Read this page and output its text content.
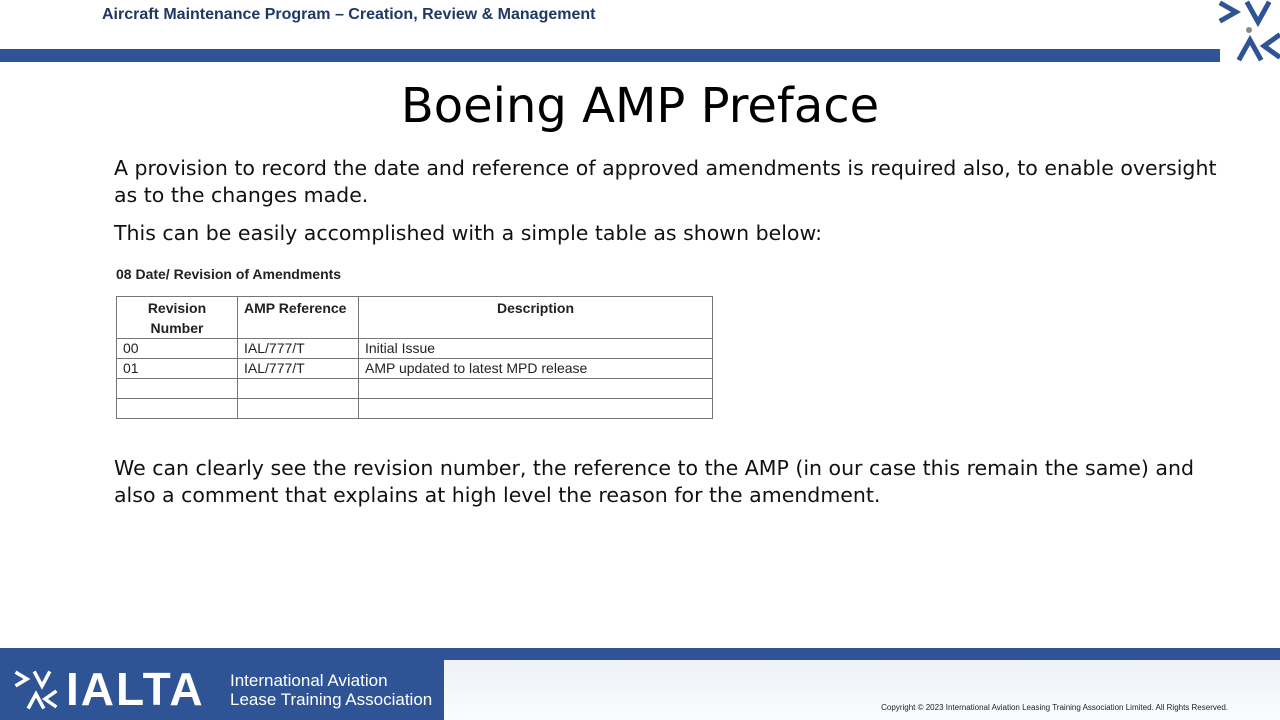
Aircraft Maintenance Program – Creation, Review & Management
Boeing AMP Preface
A provision to record the date and reference of approved amendments is required also, to enable oversight as to the changes made.
This can be easily accomplished with a simple table as shown below:
08 Date/ Revision of Amendments
Revision Number	AMP Reference	Description
00	IAL/777/T	Initial Issue
01	IAL/777/T	AMP updated to latest MPD release

We can clearly see the revision number, the reference to the AMP (in our case this remain the same) and also a comment that explains at high level the reason for the amendment.
IALTA International Aviation
Lease Training Association	Copyright © 2023 International Aviation Leasing Training Association Limited. All Rights Reserved.
